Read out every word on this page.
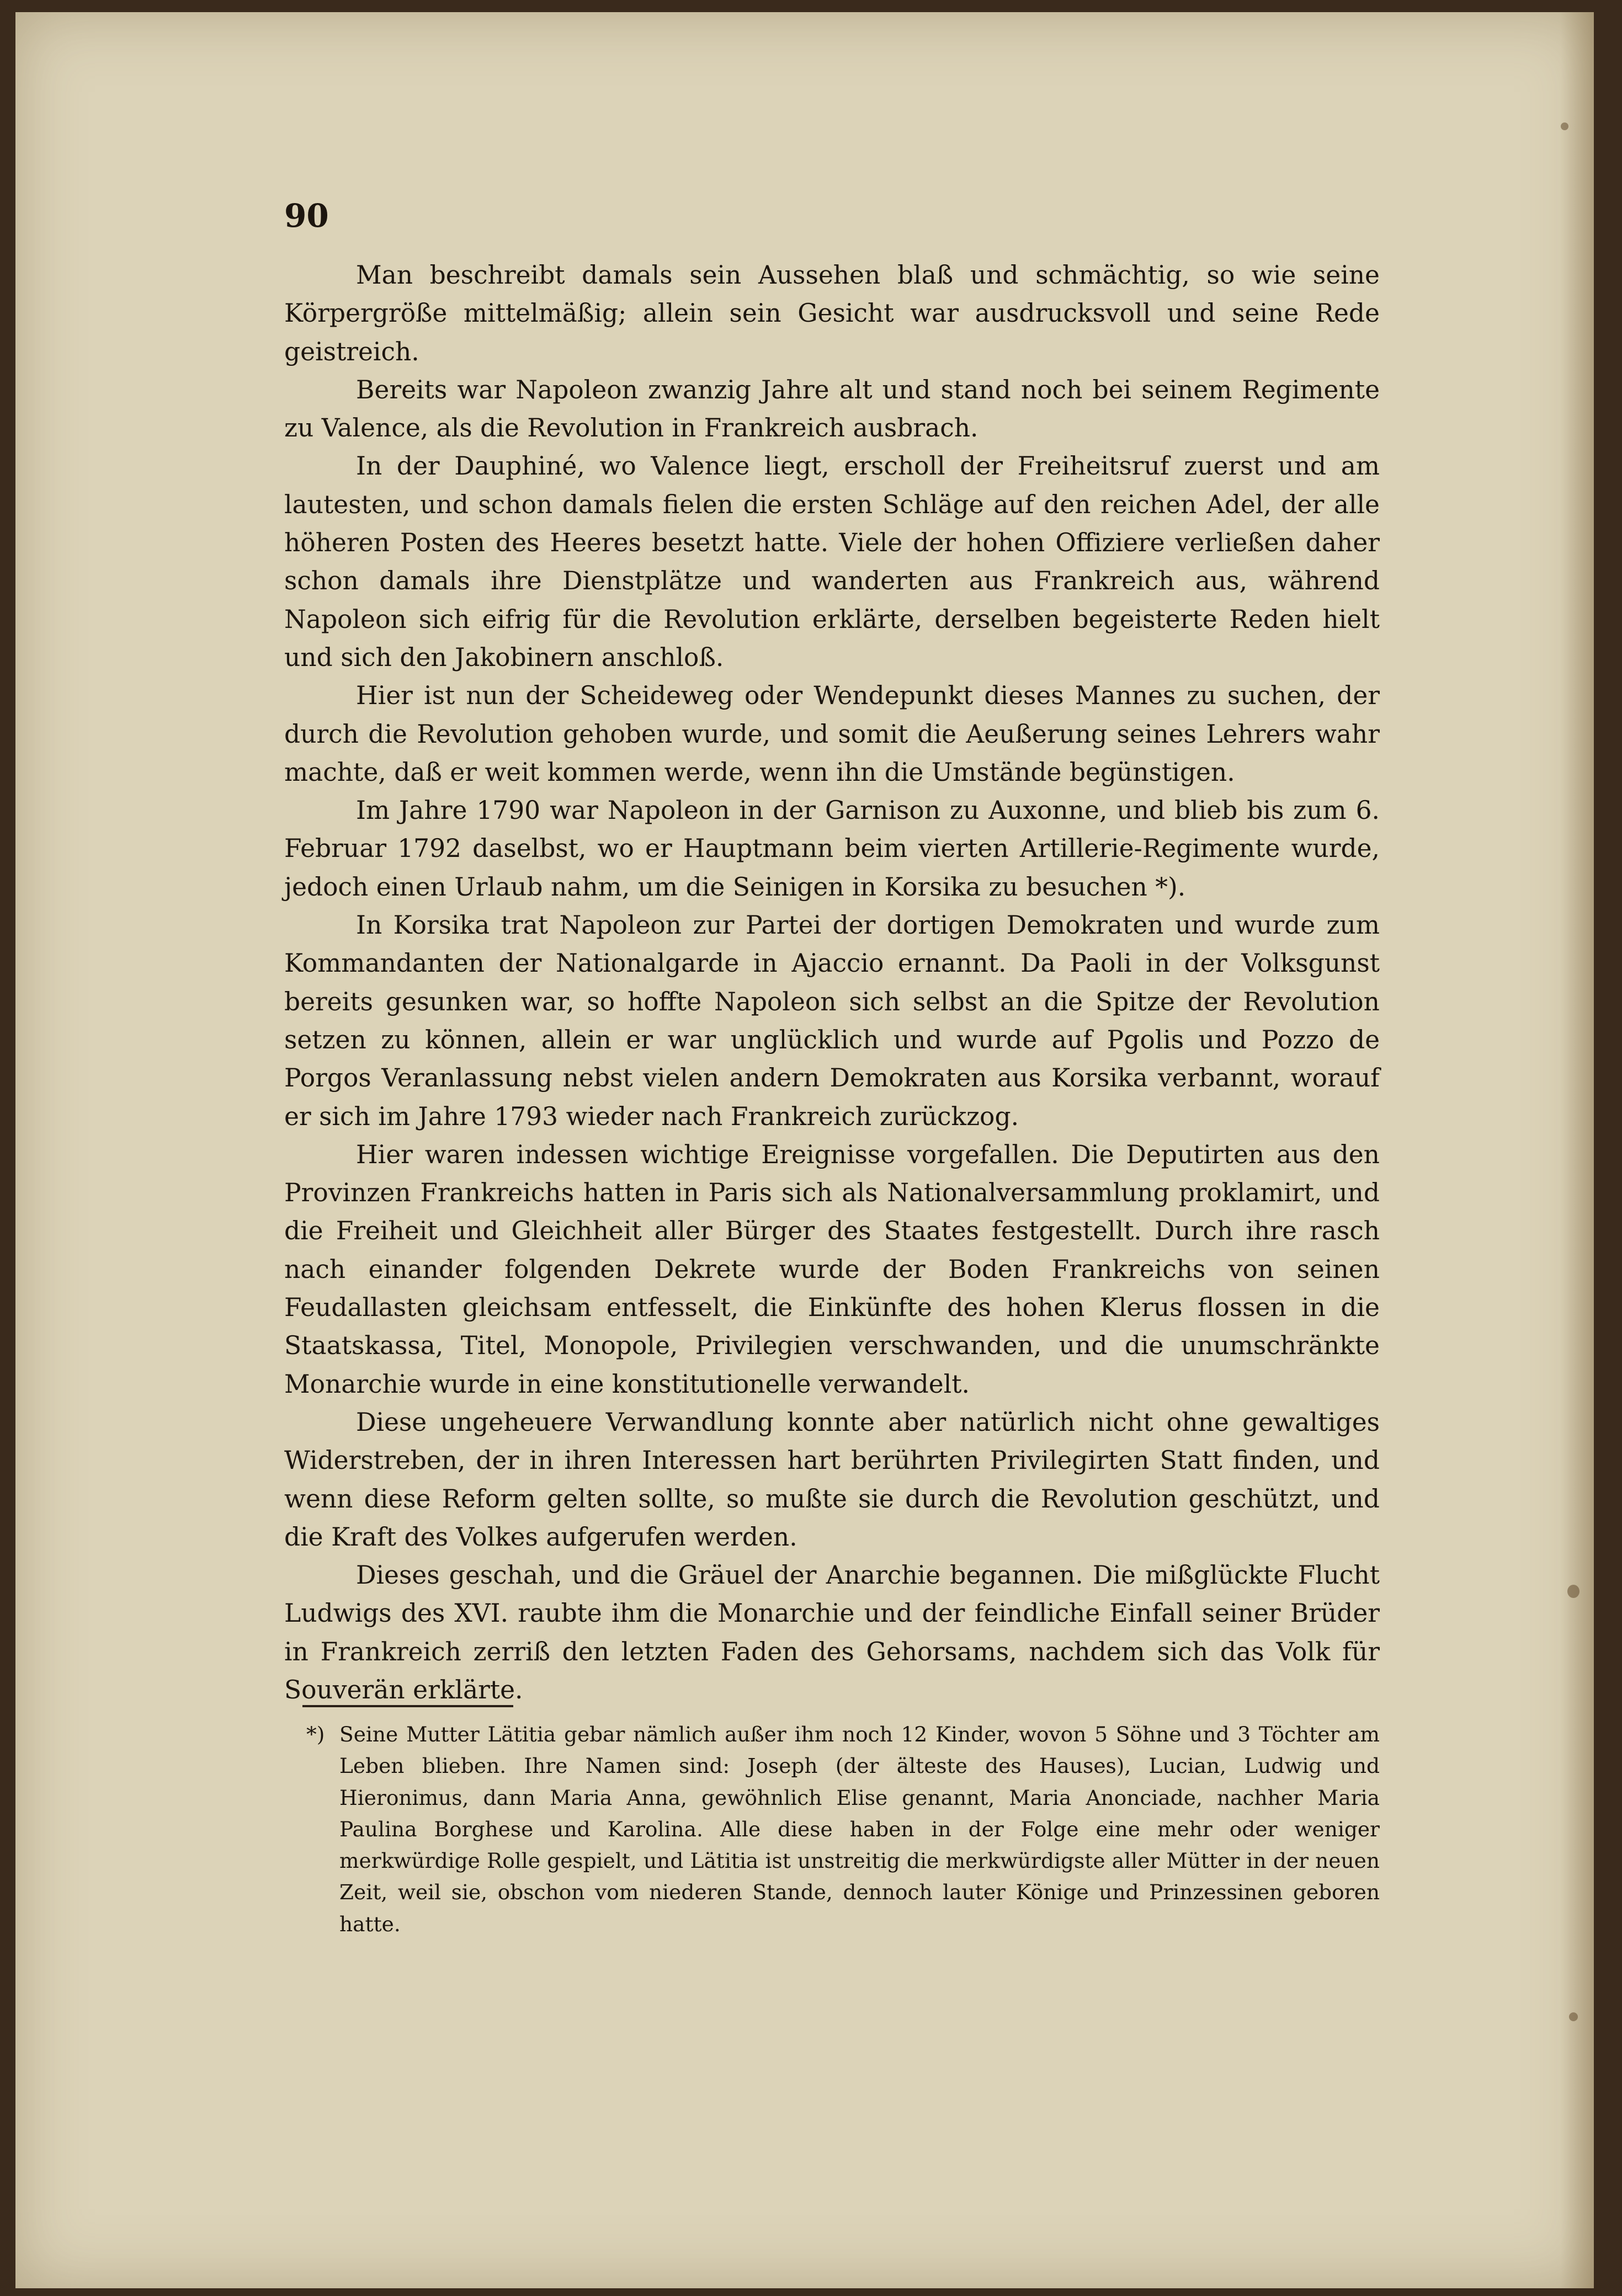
90

Man beschreibt damals sein Aussehen blaß und schmächtig, so wie seine Körpergröße mittelmäßig; allein sein Gesicht war ausdrucksvoll und seine Rede geistreich.

Bereits war Napoleon zwanzig Jahre alt und stand noch bei seinem Regimente zu Valence, als die Revolution in Frankreich ausbrach.

In der Dauphiné, wo Valence liegt, erscholl der Freiheitsruf zuerst und am lautesten, und schon damals fielen die ersten Schläge auf den reichen Adel, der alle höheren Posten des Heeres besetzt hatte. Viele der hohen Offiziere verließen daher schon damals ihre Dienstplätze und wanderten aus Frankreich aus, während Napoleon sich eifrig für die Revolution erklärte, derselben begeisterte Reden hielt und sich den Jakobinern anschloß.

Hier ist nun der Scheideweg oder Wendepunkt dieses Mannes zu suchen, der durch die Revolution gehoben wurde, und somit die Aeußerung seines Lehrers wahr machte, daß er weit kommen werde, wenn ihn die Umstände begünstigen.

Im Jahre 1790 war Napoleon in der Garnison zu Auxonne, und blieb bis zum 6. Februar 1792 daselbst, wo er Hauptmann beim vierten Artillerie-Regimente wurde, jedoch einen Urlaub nahm, um die Seinigen in Korsika zu besuchen *).

In Korsika trat Napoleon zur Partei der dortigen Demokraten und wurde zum Kommandanten der Nationalgarde in Ajaccio ernannt. Da Paoli in der Volksgunst bereits gesunken war, so hoffte Napoleon sich selbst an die Spitze der Revolution setzen zu können, allein er war unglücklich und wurde auf Pgolis und Pozzo de Porgos Veranlassung nebst vielen andern Demokraten aus Korsika verbannt, worauf er sich im Jahre 1793 wieder nach Frankreich zurückzog.

Hier waren indessen wichtige Ereignisse vorgefallen. Die Deputirten aus den Provinzen Frankreichs hatten in Paris sich als Nationalversammlung proklamirt, und die Freiheit und Gleichheit aller Bürger des Staates festgestellt. Durch ihre rasch nach einander folgenden Dekrete wurde der Boden Frankreichs von seinen Feudallasten gleichsam entfesselt, die Einkünfte des hohen Klerus flossen in die Staatskassa, Titel, Monopole, Privilegien verschwanden, und die unumschränkte Monarchie wurde in eine konstitutionelle verwandelt.

Diese ungeheuere Verwandlung konnte aber natürlich nicht ohne gewaltiges Widerstreben, der in ihren Interessen hart berührten Privilegirten Statt finden, und wenn diese Reform gelten sollte, so mußte sie durch die Revolution geschützt, und die Kraft des Volkes aufgerufen werden.

Dieses geschah, und die Gräuel der Anarchie begannen. Die mißglückte Flucht Ludwigs des XVI. raubte ihm die Monarchie und der feindliche Einfall seiner Brüder in Frankreich zerriß den letzten Faden des Gehorsams, nachdem sich das Volk für Souverän erklärte.

*) Seine Mutter Lätitia gebar nämlich außer ihm noch 12 Kinder, wovon 5 Söhne und 3 Töchter am Leben blieben. Ihre Namen sind: Joseph (der älteste des Hauses), Lucian, Ludwig und Hieronimus, dann Maria Anna, gewöhnlich Elise genannt, Maria Anonciade, nachher Maria Paulina Borghese und Karolina. Alle diese haben in der Folge eine mehr oder weniger merkwürdige Rolle gespielt, und Lätitia ist unstreitig die merkwürdigste aller Mütter in der neuen Zeit, weil sie, obschon vom niederen Stande, dennoch lauter Könige und Prinzessinen geboren hatte.
